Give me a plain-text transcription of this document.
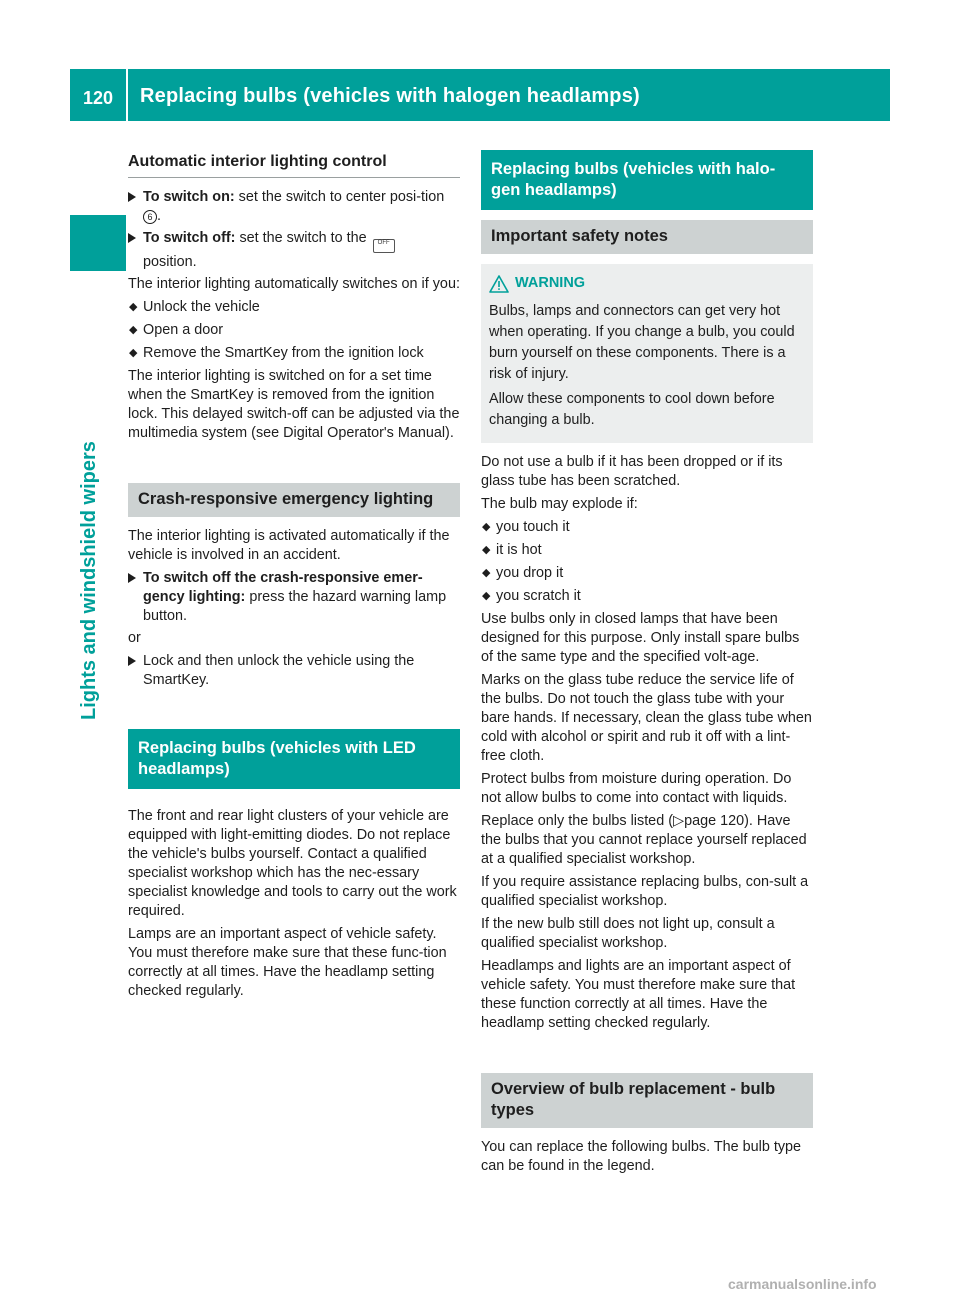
120	Replacing bulbs (vehicles with halogen headlamps)
Lights and windshield wipers
Automatic interior lighting control
To switch on: set the switch to center posi-tion 6 .
To switch off: set the switch to the OFF
position.
The interior lighting automatically switches on if you:
◆ Unlock the vehicle
◆ Open a door
◆ Remove the SmartKey from the ignition lock
The interior lighting is switched on for a set time when the SmartKey is removed from the ignition lock. This delayed switch-off can be adjusted via the multimedia system (see Digital Operator's Manual).
Crash-responsive emergency lighting
The interior lighting is activated automatically if the vehicle is involved in an accident.
To switch off the crash-responsive emer-gency lighting: press the hazard warning lamp button.
or
Lock and then unlock the vehicle using the SmartKey.
Replacing bulbs (vehicles with LED headlamps)
The front and rear light clusters of your vehicle are equipped with light-emitting diodes. Do not replace the vehicle's bulbs yourself. Contact a qualified specialist workshop which has the nec-essary specialist knowledge and tools to carry out the work required.
Lamps are an important aspect of vehicle safety. You must therefore make sure that these func-tion correctly at all times. Have the headlamp setting checked regularly.
Replacing bulbs (vehicles with halo-gen headlamps)
Important safety notes
WARNING
Bulbs, lamps and connectors can get very hot when operating. If you change a bulb, you could burn yourself on these components. There is a risk of injury.
Allow these components to cool down before changing a bulb.
Do not use a bulb if it has been dropped or if its glass tube has been scratched.
The bulb may explode if:
◆ you touch it
◆ it is hot
◆ you drop it
◆ you scratch it
Use bulbs only in closed lamps that have been designed for this purpose. Only install spare bulbs of the same type and the specified volt-age.
Marks on the glass tube reduce the service life of the bulbs. Do not touch the glass tube with your bare hands. If necessary, clean the glass tube when cold with alcohol or spirit and rub it off with a lint-free cloth.
Protect bulbs from moisture during operation. Do not allow bulbs to come into contact with liquids.
Replace only the bulbs listed (▷page 120). Have the bulbs that you cannot replace yourself replaced at a qualified specialist workshop.
If you require assistance replacing bulbs, con-sult a qualified specialist workshop.
If the new bulb still does not light up, consult a qualified specialist workshop.
Headlamps and lights are an important aspect of vehicle safety. You must therefore make sure that these function correctly at all times. Have the headlamp setting checked regularly.
Overview of bulb replacement - bulb types
You can replace the following bulbs. The bulb type can be found in the legend.
carmanualsonline.info
